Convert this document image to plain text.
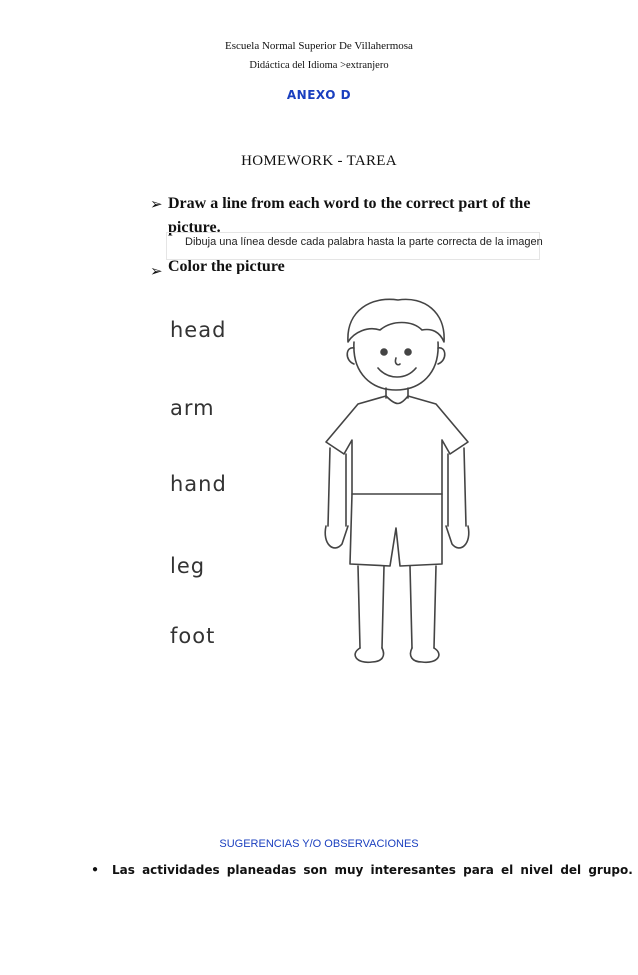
Escuela Normal Superior De Villahermosa
Didáctica del Idioma >extranjero
ANEXO D
HOMEWORK - TAREA
➢ Draw a line from each word to the correct part of the picture.
Dibuja una línea desde cada palabra hasta la parte correcta de la imagen
➢ Color the picture
head
arm
hand
leg
foot
SUGERENCIAS Y/O OBSERVACIONES
● Las actividades planeadas son muy interesantes para el nivel del grupo.
